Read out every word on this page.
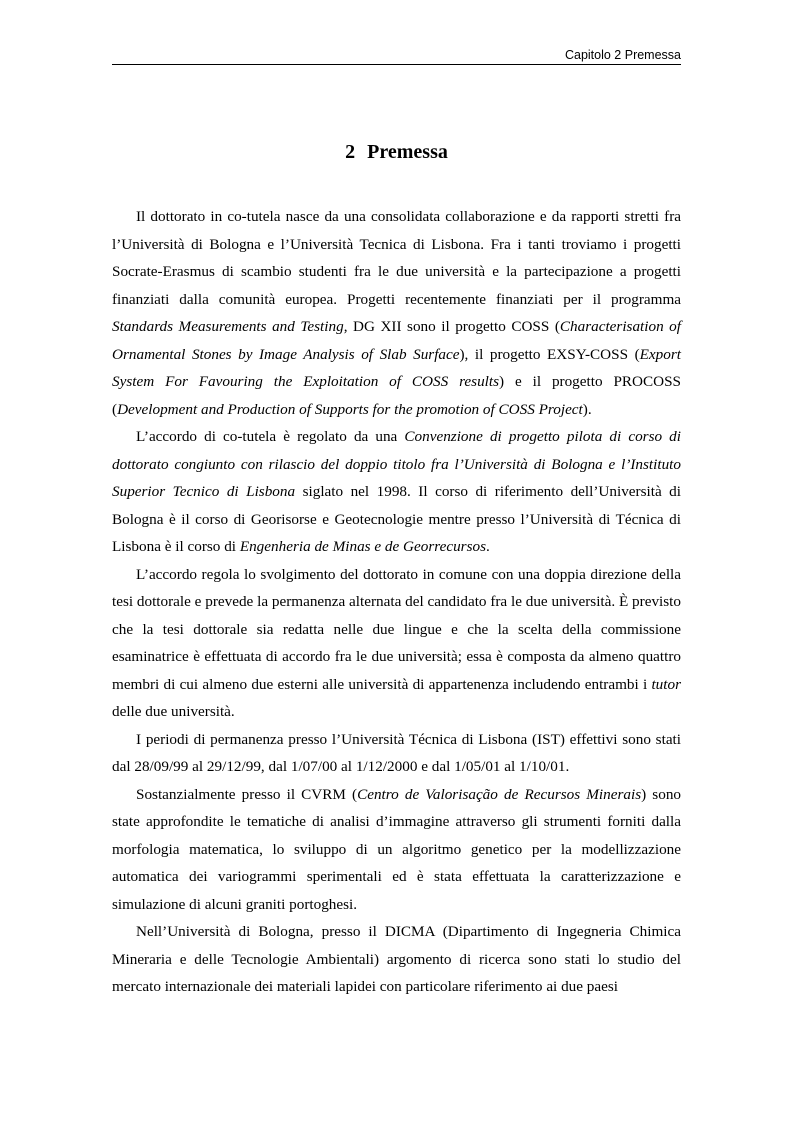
Capitolo 2 Premessa
2 Premessa

Il dottorato in co-tutela nasce da una consolidata collaborazione e da rapporti stretti fra l’Università di Bologna e l’Università Tecnica di Lisbona. Fra i tanti troviamo i progetti Socrate-Erasmus di scambio studenti fra le due università e la partecipazione a progetti finanziati dalla comunità europea. Progetti recentemente finanziati per il programma Standards Measurements and Testing, DG XII sono il progetto COSS (Characterisation of Ornamental Stones by Image Analysis of Slab Surface), il progetto EXSY-COSS (Export System For Favouring the Exploitation of COSS results) e il progetto PROCOSS (Development and Production of Supports for the promotion of COSS Project).

L’accordo di co-tutela è regolato da una Convenzione di progetto pilota di corso di dottorato congiunto con rilascio del doppio titolo fra l’Università di Bologna e l’Instituto Superior Tecnico di Lisbona siglato nel 1998. Il corso di riferimento dell’Università di Bologna è il corso di Georisorse e Geotecnologie mentre presso l’Università di Técnica di Lisbona è il corso di Engenheria de Minas e de Georrecursos.

L’accordo regola lo svolgimento del dottorato in comune con una doppia direzione della tesi dottorale e prevede la permanenza alternata del candidato fra le due università. È previsto che la tesi dottorale sia redatta nelle due lingue e che la scelta della commissione esaminatrice è effettuata di accordo fra le due università; essa è composta da almeno quattro membri di cui almeno due esterni alle università di appartenenza includendo entrambi i tutor delle due università.

I periodi di permanenza presso l’Università Técnica di Lisbona (IST) effettivi sono stati dal 28/09/99 al 29/12/99, dal 1/07/00 al 1/12/2000 e dal 1/05/01 al 1/10/01.

Sostanzialmente presso il CVRM (Centro de Valorisação de Recursos Minerais) sono state approfondite le tematiche di analisi d’immagine attraverso gli strumenti forniti dalla morfologia matematica, lo sviluppo di un algoritmo genetico per la modellizzazione automatica dei variogrammi sperimentali ed è stata effettuata la caratterizzazione e simulazione di alcuni graniti portoghesi.

Nell’Università di Bologna, presso il DICMA (Dipartimento di Ingegneria Chimica Mineraria e delle Tecnologie Ambientali) argomento di ricerca sono stati lo studio del mercato internazionale dei materiali lapidei con particolare riferimento ai due paesi
